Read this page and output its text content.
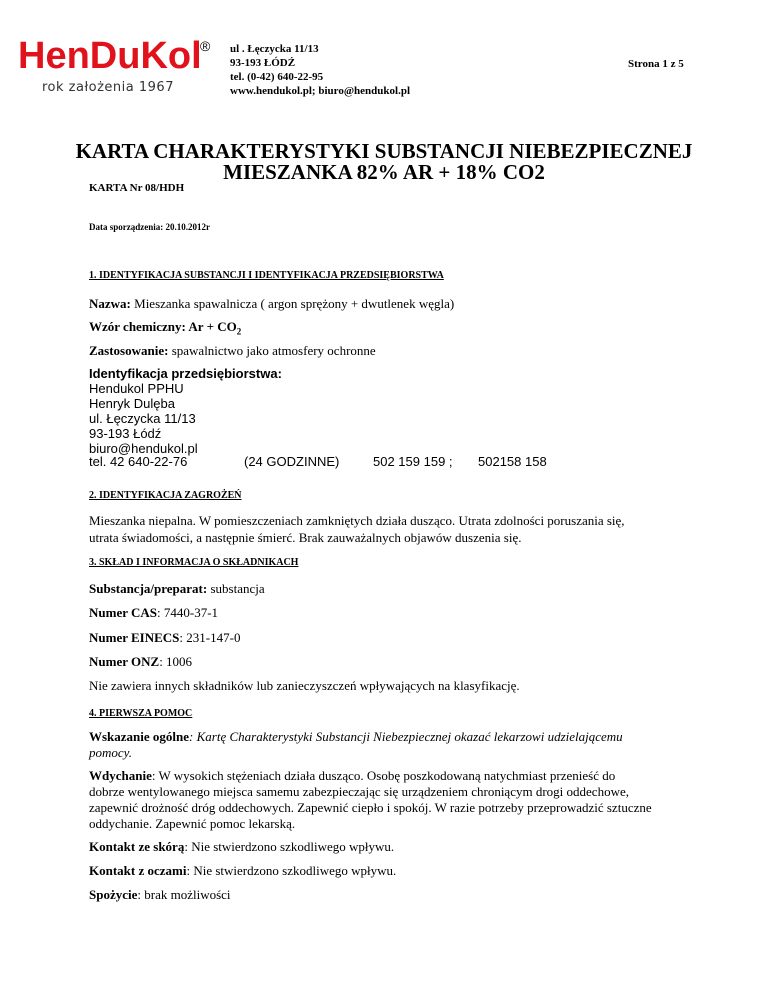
HenDuKol
®
rok założenia 1967
ul . Łęczycka 11/13
93-193 ŁÓDŹ
tel. (0-42) 640-22-95
www.hendukol.pl; biuro@hendukol.pl
Strona 1 z 5
KARTA CHARAKTERYSTYKI SUBSTANCJI NIEBEZPIECZNEJ
MIESZANKA 82% AR + 18% CO2
KARTA Nr 08/HDH
Data sporządzenia: 20.10.2012r
1. IDENTYFIKACJA SUBSTANCJI I IDENTYFIKACJA PRZEDSIĘBIORSTWA
Nazwa: Mieszanka spawalnicza ( argon sprężony + dwutlenek węgla)
Wzór chemiczny: $Ar + CO_2$
Zastosowanie: spawalnictwo jako atmosfery ochronne
Identyfikacja przedsiębiorstwa:
Hendukol PPHU
Henryk Dulęba
ul. Łęczycka 11/13
93-193 Łódź
biuro@hendukol.pl
tel. 42 640-22-76	(24 GODZINNE)	502 159 159 ; 502158 158
2. IDENTYFIKACJA ZAGROŻEŃ
Mieszanka niepalna. W pomieszczeniach zamkniętych działa dusząco. Utrata zdolności poruszania się,
utrata świadomości, a następnie śmierć. Brak zauważalnych objawów duszenia się.
3. SKŁAD I INFORMACJA O SKŁADNIKACH
Substancja/preparat: substancja
Numer CAS: 7440-37-1
Numer EINECS: 231-147-0
Numer ONZ: 1006
Nie zawiera innych składników lub zanieczyszczeń wpływających na klasyfikację.
4. PIERWSZA POMOC
Wskazanie ogólne: Kartę Charakterystyki Substancji Niebezpiecznej okazać lekarzowi udzielającemu
pomocy.
Wdychanie: W wysokich stężeniach działa dusząco. Osobę poszkodowaną natychmiast przenieść do
dobrze wentylowanego miejsca samemu zabezpieczając się urządzeniem chroniącym drogi oddechowe,
zapewnić drożność dróg oddechowych. Zapewnić ciepło i spokój. W razie potrzeby przeprowadzić sztuczne
oddychanie. Zapewnić pomoc lekarską.
Kontakt ze skórą: Nie stwierdzono szkodliwego wpływu.
Kontakt z oczami: Nie stwierdzono szkodliwego wpływu.
Spożycie: brak możliwości
